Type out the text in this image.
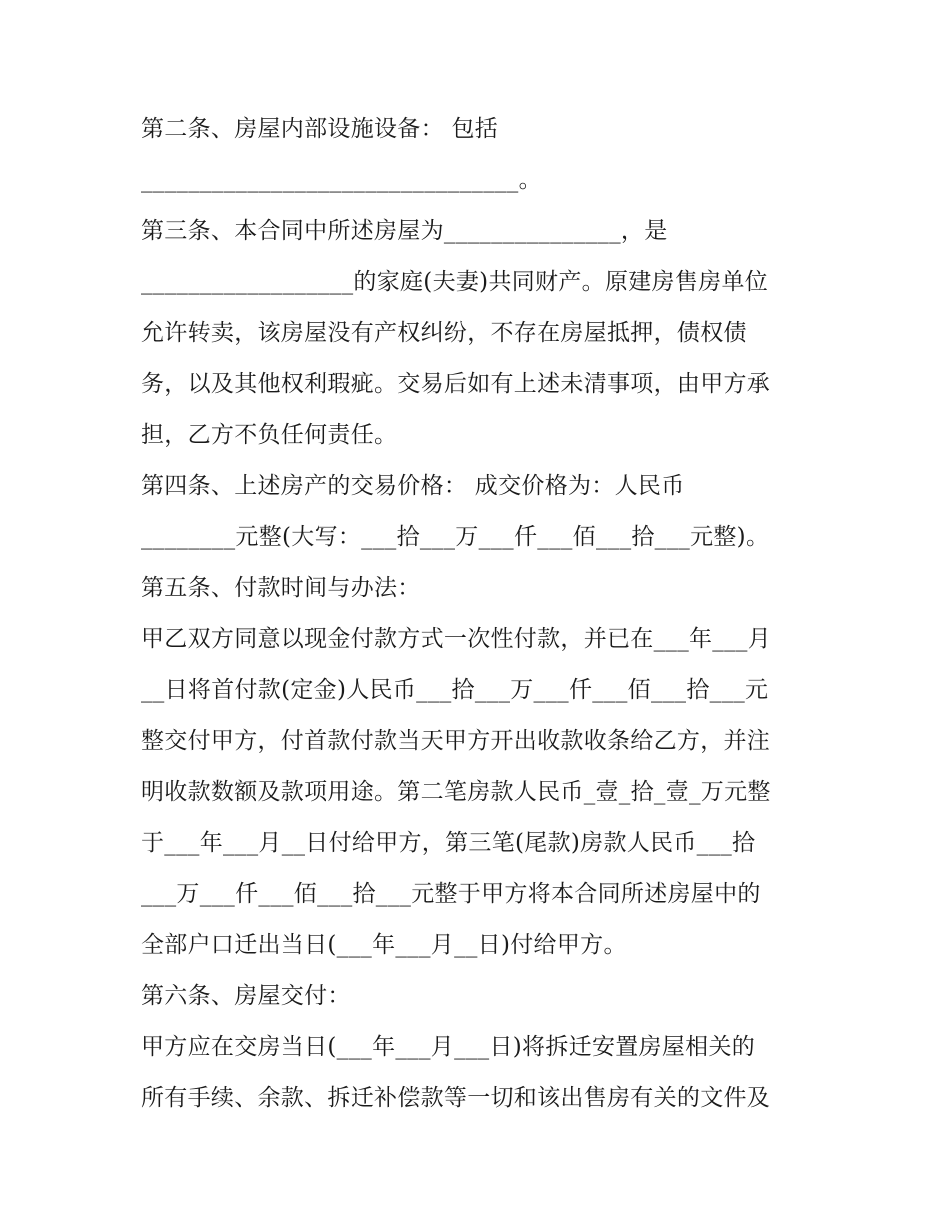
第二条、房屋内部设施设备： 包括
________________________________。
第三条、本合同中所述房屋为_______________，是
__________________的家庭(夫妻)共同财产。原建房售房单位
允许转卖，该房屋没有产权纠纷，不存在房屋抵押，债权债
务，以及其他权利瑕疵。交易后如有上述未清事项，由甲方承
担，乙方不负任何责任。
第四条、上述房产的交易价格： 成交价格为：人民币
________元整(大写：___拾___万___仟___佰___拾___元整)。
第五条、付款时间与办法：
甲乙双方同意以现金付款方式一次性付款，并已在___年___月
__日将首付款(定金)人民币___拾___万___仟___佰___拾___元
整交付甲方，付首款付款当天甲方开出收款收条给乙方，并注
明收款数额及款项用途。第二笔房款人民币_壹_拾_壹_万元整
于___年___月__日付给甲方，第三笔(尾款)房款人民币___拾
___万___仟___佰___拾___元整于甲方将本合同所述房屋中的
全部户口迁出当日(___年___月__日)付给甲方。
第六条、房屋交付：
甲方应在交房当日(___年___月___日)将拆迁安置房屋相关的
所有手续、余款、拆迁补偿款等一切和该出售房有关的文件及
